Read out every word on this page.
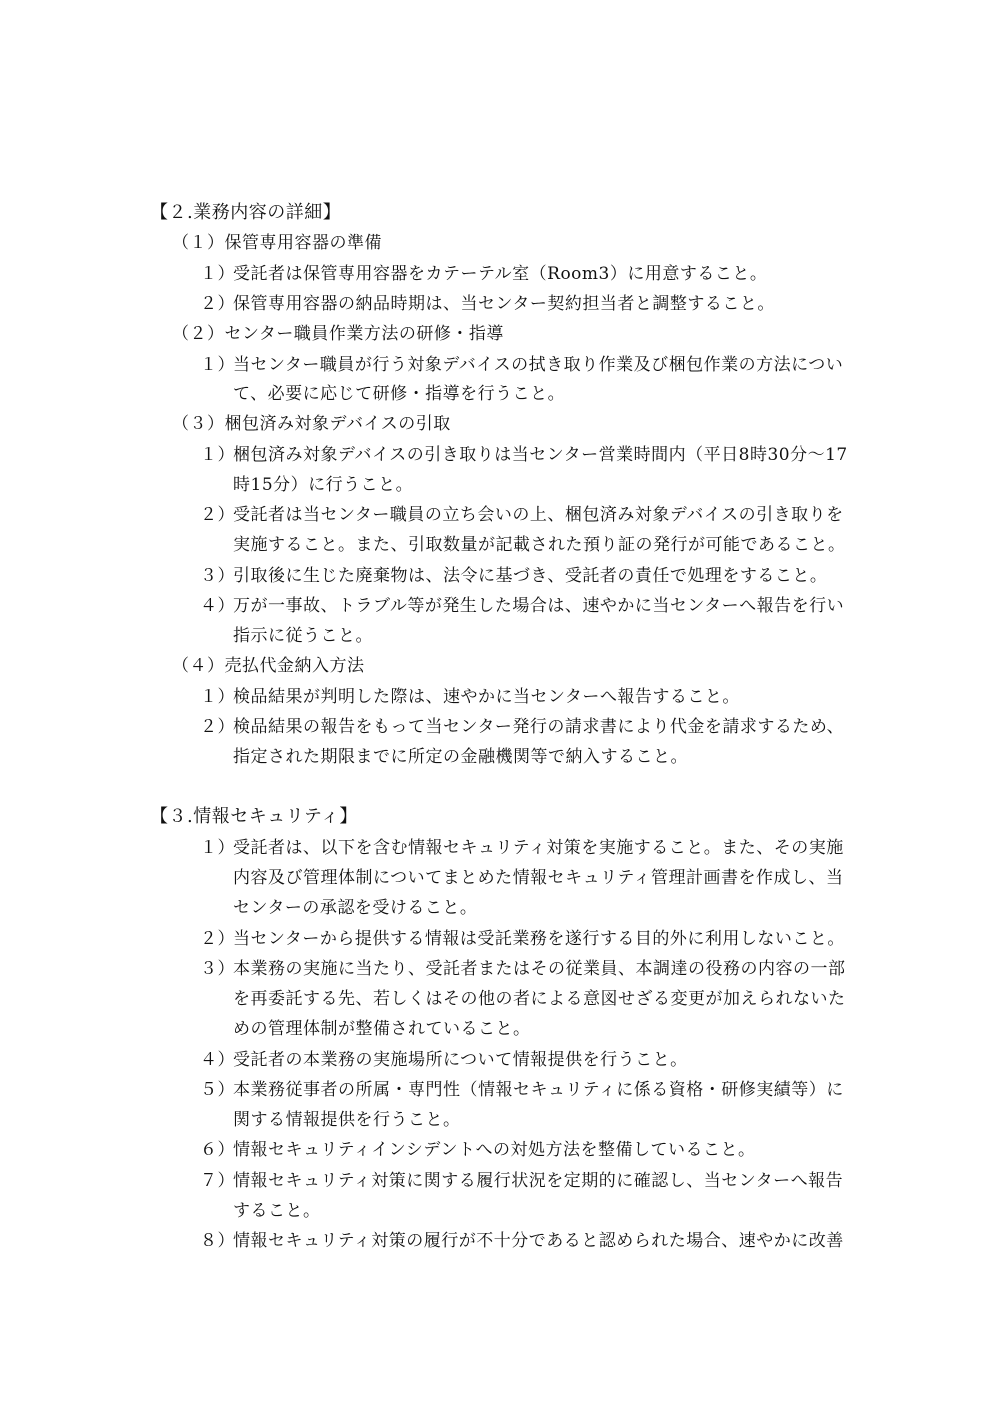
【２.業務内容の詳細】
（１）保管専用容器の準備
１）
受託者は保管専用容器をカテーテル室（Room3）に用意すること。
２）
保管専用容器の納品時期は、当センター契約担当者と調整すること。
（２）センター職員作業方法の研修・指導
１）
当センター職員が行う対象デバイスの拭き取り作業及び梱包作業の方法につい
て、必要に応じて研修・指導を行うこと。
（３）梱包済み対象デバイスの引取
１）
梱包済み対象デバイスの引き取りは当センター営業時間内（平日8時30分～17
時15分）に行うこと。
２）
受託者は当センター職員の立ち会いの上、梱包済み対象デバイスの引き取りを
実施すること。また、引取数量が記載された預り証の発行が可能であること。
３）
引取後に生じた廃棄物は、法令に基づき、受託者の責任で処理をすること。
４）
万が一事故、トラブル等が発生した場合は、速やかに当センターへ報告を行い
指示に従うこと。
（４）売払代金納入方法
１）
検品結果が判明した際は、速やかに当センターへ報告すること。
２）
検品結果の報告をもって当センター発行の請求書により代金を請求するため、
指定された期限までに所定の金融機関等で納入すること。
【３.情報セキュリティ】
１）
受託者は、以下を含む情報セキュリティ対策を実施すること。また、その実施
内容及び管理体制についてまとめた情報セキュリティ管理計画書を作成し、当
センターの承認を受けること。
２）
当センターから提供する情報は受託業務を遂行する目的外に利用しないこと。
３）
本業務の実施に当たり、受託者またはその従業員、本調達の役務の内容の一部
を再委託する先、若しくはその他の者による意図せざる変更が加えられないた
めの管理体制が整備されていること。
４）
受託者の本業務の実施場所について情報提供を行うこと。
５）
本業務従事者の所属・専門性（情報セキュリティに係る資格・研修実績等）に
関する情報提供を行うこと。
６）
情報セキュリティインシデントへの対処方法を整備していること。
７）
情報セキュリティ対策に関する履行状況を定期的に確認し、当センターへ報告
すること。
８）
情報セキュリティ対策の履行が不十分であると認められた場合、速やかに改善
